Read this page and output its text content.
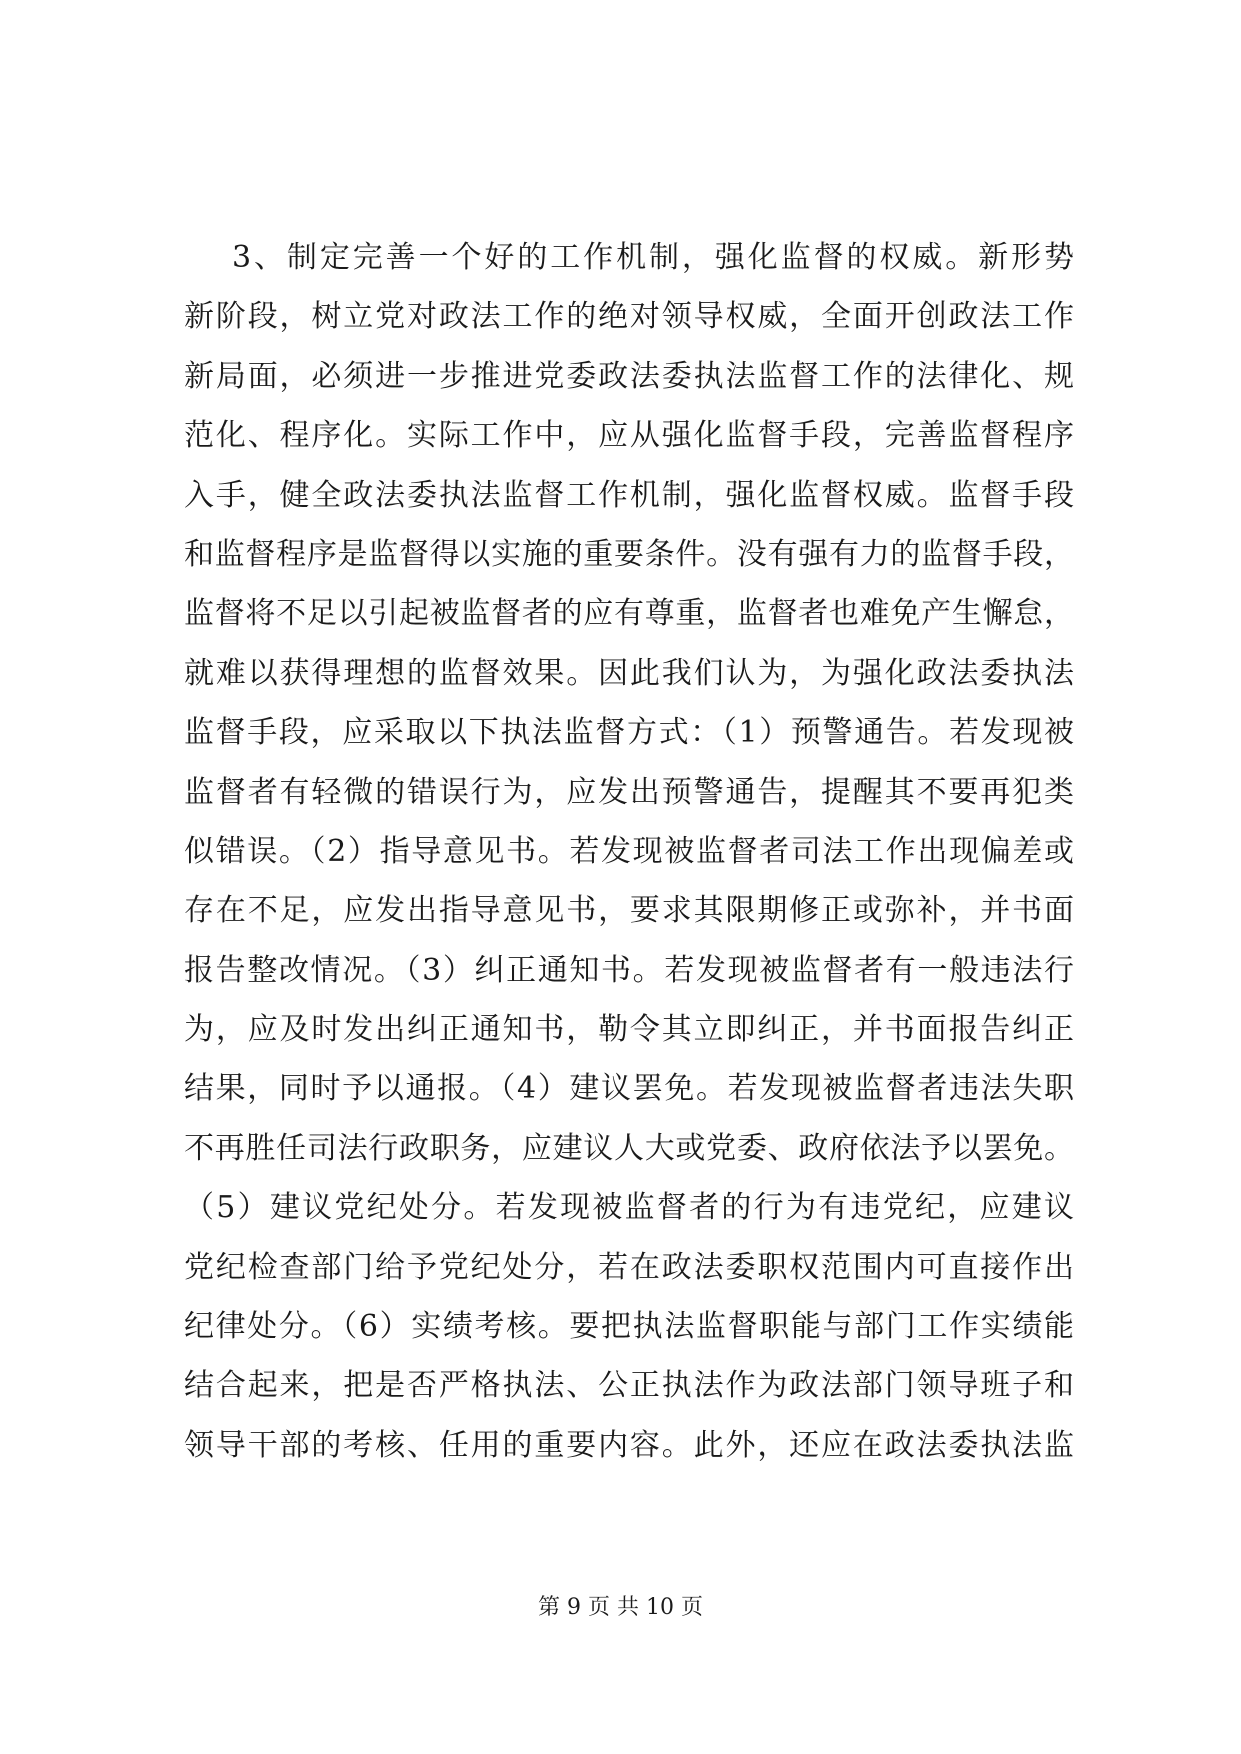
3、制定完善一个好的工作机制，强化监督的权威。新形势
新阶段，树立党对政法工作的绝对领导权威，全面开创政法工作
新局面，必须进一步推进党委政法委执法监督工作的法律化、规
范化、程序化。实际工作中，应从强化监督手段，完善监督程序
入手，健全政法委执法监督工作机制，强化监督权威。监督手段
和监督程序是监督得以实施的重要条件。没有强有力的监督手段，
监督将不足以引起被监督者的应有尊重，监督者也难免产生懈怠，
就难以获得理想的监督效果。因此我们认为，为强化政法委执法
监督手段，应采取以下执法监督方式：（1）预警通告。若发现被
监督者有轻微的错误行为，应发出预警通告，提醒其不要再犯类
似错误。（2）指导意见书。若发现被监督者司法工作出现偏差或
存在不足，应发出指导意见书，要求其限期修正或弥补，并书面
报告整改情况。（3）纠正通知书。若发现被监督者有一般违法行
为，应及时发出纠正通知书，勒令其立即纠正，并书面报告纠正
结果，同时予以通报。（4）建议罢免。若发现被监督者违法失职
不再胜任司法行政职务，应建议人大或党委、政府依法予以罢免。
（5）建议党纪处分。若发现被监督者的行为有违党纪，应建议
党纪检查部门给予党纪处分，若在政法委职权范围内可直接作出
纪律处分。（6）实绩考核。要把执法监督职能与部门工作实绩能
结合起来，把是否严格执法、公正执法作为政法部门领导班子和
领导干部的考核、任用的重要内容。此外，还应在政法委执法监
第 9 页 共 10 页
